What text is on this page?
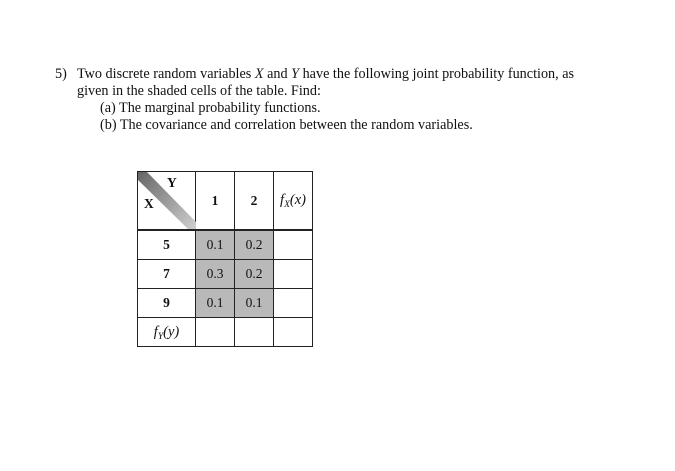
5) Two discrete random variables X and Y have the following joint probability function, as
given in the shaded cells of the table. Find:
(a) The marginal probability functions.
(b) The covariance and correlation between the random variables.
X
Y	1	2	$f_X(x)$

5	0.1	0.2	
7	0.3	0.2	
9	0.1	0.1	
$f_Y(y)$			
